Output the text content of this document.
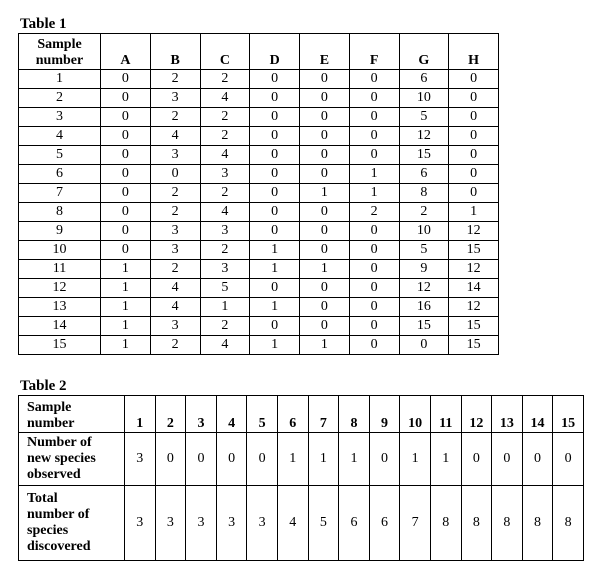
Table 1
Sample
number	A	B	C	D	E	F	G	H
1	0	2	2	0	0	0	6	0
2	0	3	4	0	0	0	10	0
3	0	2	2	0	0	0	5	0
4	0	4	2	0	0	0	12	0
5	0	3	4	0	0	0	15	0
6	0	0	3	0	0	1	6	0
7	0	2	2	0	1	1	8	0
8	0	2	4	0	0	2	2	1
9	0	3	3	0	0	0	10	12
10	0	3	2	1	0	0	5	15
11	1	2	3	1	1	0	9	12
12	1	4	5	0	0	0	12	14
13	1	4	1	1	0	0	16	12
14	1	3	2	0	0	0	15	15
15	1	2	4	1	1	0	0	15
Table 2
Sample
number	1	2	3	4	5	6	7	8	9	10	11	12	13	14	15
Number of
new species
observed	3	0	0	0	0	1	1	1	0	1	1	0	0	0	0
Total
number of
species
discovered	3	3	3	3	3	4	5	6	6	7	8	8	8	8	8
